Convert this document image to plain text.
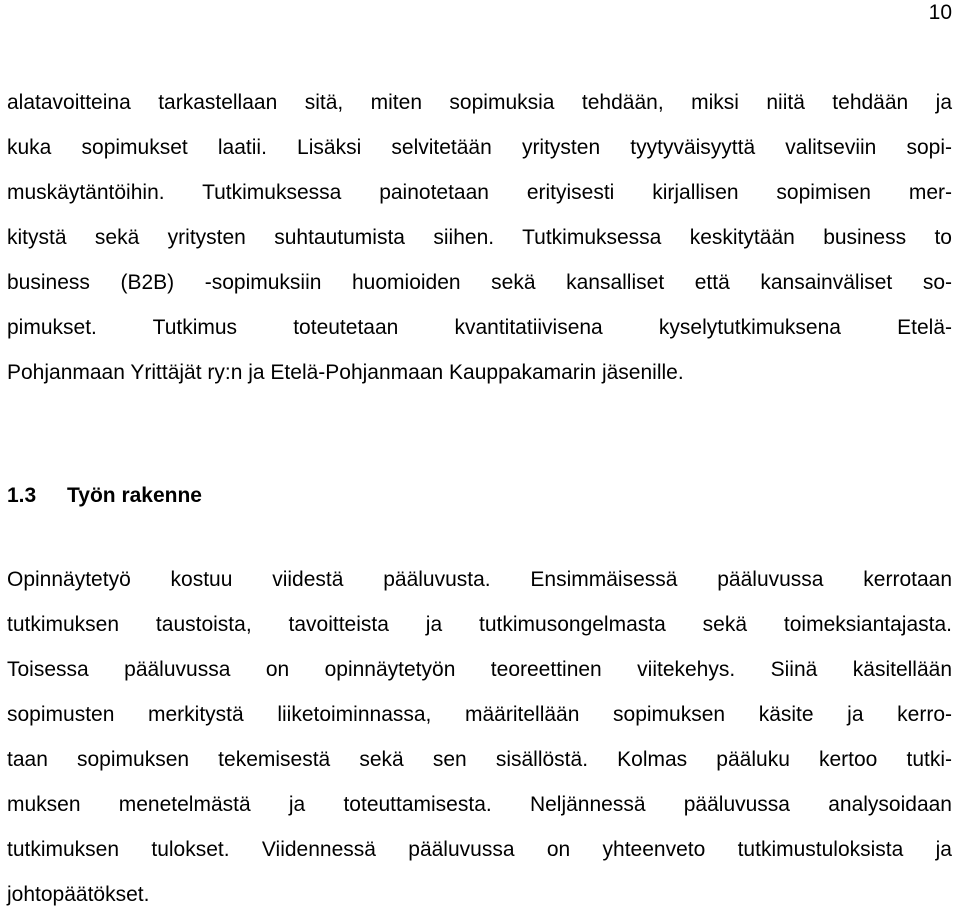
10
alatavoitteina tarkastellaan sitä, miten sopimuksia tehdään, miksi niitä tehdään ja
kuka sopimukset laatii. Lisäksi selvitetään yritysten tyytyväisyyttä valitseviin sopi-
muskäytäntöihin. Tutkimuksessa painotetaan erityisesti kirjallisen sopimisen mer-
kitystä sekä yritysten suhtautumista siihen. Tutkimuksessa keskitytään business to
business (B2B) -sopimuksiin huomioiden sekä kansalliset että kansainväliset so-
pimukset. Tutkimus toteutetaan kvantitatiivisena kyselytutkimuksena Etelä-
Pohjanmaan Yrittäjät ry:n ja Etelä-Pohjanmaan Kauppakamarin jäsenille.
1.3 Työn rakenne
Opinnäytetyö kostuu viidestä pääluvusta. Ensimmäisessä pääluvussa kerrotaan
tutkimuksen taustoista, tavoitteista ja tutkimusongelmasta sekä toimeksiantajasta.
Toisessa pääluvussa on opinnäytetyön teoreettinen viitekehys. Siinä käsitellään
sopimusten merkitystä liiketoiminnassa, määritellään sopimuksen käsite ja kerro-
taan sopimuksen tekemisestä sekä sen sisällöstä. Kolmas pääluku kertoo tutki-
muksen menetelmästä ja toteuttamisesta. Neljännessä pääluvussa analysoidaan
tutkimuksen tulokset. Viidennessä pääluvussa on yhteenveto tutkimustuloksista ja
johtopäätökset.
